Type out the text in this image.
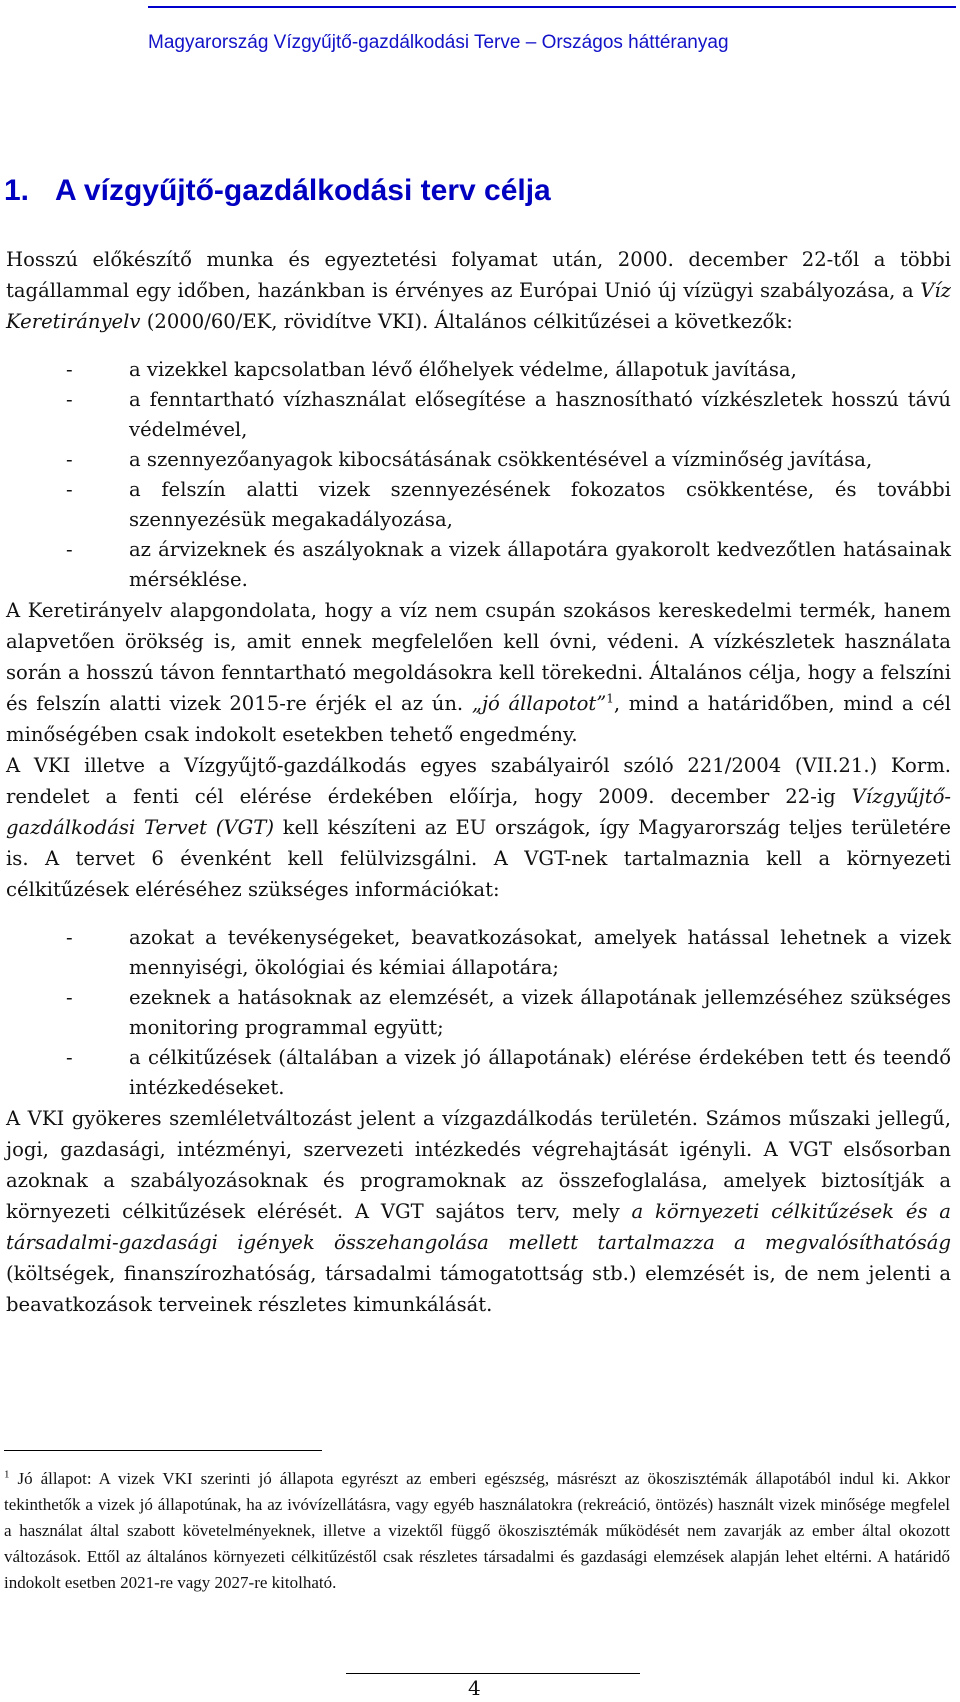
Magyarország Vízgyűjtő-gazdálkodási Terve – Országos háttéranyag
1. A vízgyűjtő-gazdálkodási terv célja

Hosszú előkészítő munka és egyeztetési folyamat után, 2000. december 22-től a többi tagállammal egy időben, hazánkban is érvényes az Európai Unió új vízügyi szabályozása, a Víz Keretirányelv (2000/60/EK, rövidítve VKI). Általános célkitűzései a következők:

-	a vizekkel kapcsolatban lévő élőhelyek védelme, állapotuk javítása,
-	a fenntartható vízhasználat elősegítése a hasznosítható vízkészletek hosszú távú védelmével,
-	a szennyezőanyagok kibocsátásának csökkentésével a vízminőség javítása,
-	a felszín alatti vizek szennyezésének fokozatos csökkentése, és további szennyezésük megakadályozása,
-	az árvizeknek és aszályoknak a vizek állapotára gyakorolt kedvezőtlen hatásainak mérséklése.

A Keretirányelv alapgondolata, hogy a víz nem csupán szokásos kereskedelmi termék, hanem alapvetően örökség is, amit ennek megfelelően kell óvni, védeni. A vízkészletek használata során a hosszú távon fenntartható megoldásokra kell törekedni. Általános célja, hogy a felszíni és felszín alatti vizek 2015-re érjék el az ún. „jó állapotot”$^1$, mind a határidőben, mind a cél minőségében csak indokolt esetekben tehető engedmény.

A VKI illetve a Vízgyűjtő-gazdálkodás egyes szabályairól szóló 221/2004 (VII.21.) Korm. rendelet a fenti cél elérése érdekében előírja, hogy 2009. december 22-ig Vízgyűjtő-gazdálkodási Tervet (VGT) kell készíteni az EU országok, így Magyarország teljes területére is. A tervet 6 évenként kell felülvizsgálni. A VGT-nek tartalmaznia kell a környezeti célkitűzések eléréséhez szükséges információkat:

-	azokat a tevékenységeket, beavatkozásokat, amelyek hatással lehetnek a vizek mennyiségi, ökológiai és kémiai állapotára;
-	ezeknek a hatásoknak az elemzését, a vizek állapotának jellemzéséhez szükséges monitoring programmal együtt;
-	a célkitűzések (általában a vizek jó állapotának) elérése érdekében tett és teendő intézkedéseket.

A VKI gyökeres szemléletváltozást jelent a vízgazdálkodás területén. Számos műszaki jellegű, jogi, gazdasági, intézményi, szervezeti intézkedés végrehajtását igényli. A VGT elsősorban azoknak a szabályozásoknak és programoknak az összefoglalása, amelyek biztosítják a környezeti célkitűzések elérését. A VGT sajátos terv, mely a környezeti célkitűzések és a társadalmi-gazdasági igények összehangolása mellett tartalmazza a megvalósíthatóság (költségek, finanszírozhatóság, társadalmi támogatottság stb.) elemzését is, de nem jelenti a beavatkozások terveinek részletes kimunkálását.

$^1$ Jó állapot: A vizek VKI szerinti jó állapota egyrészt az emberi egészség, másrészt az ökoszisztémák állapotából indul ki. Akkor tekinthetők a vizek jó állapotúnak, ha az ivóvízellátásra, vagy egyéb használatokra (rekreáció, öntözés) használt vizek minősége megfelel a használat által szabott követelményeknek, illetve a vizektől függő ökoszisztémák működését nem zavarják az ember által okozott változások. Ettől az általános környezeti célkitűzéstől csak részletes társadalmi és gazdasági elemzések alapján lehet eltérni. A határidő indokolt esetben 2021-re vagy 2027-re kitolható.
4
